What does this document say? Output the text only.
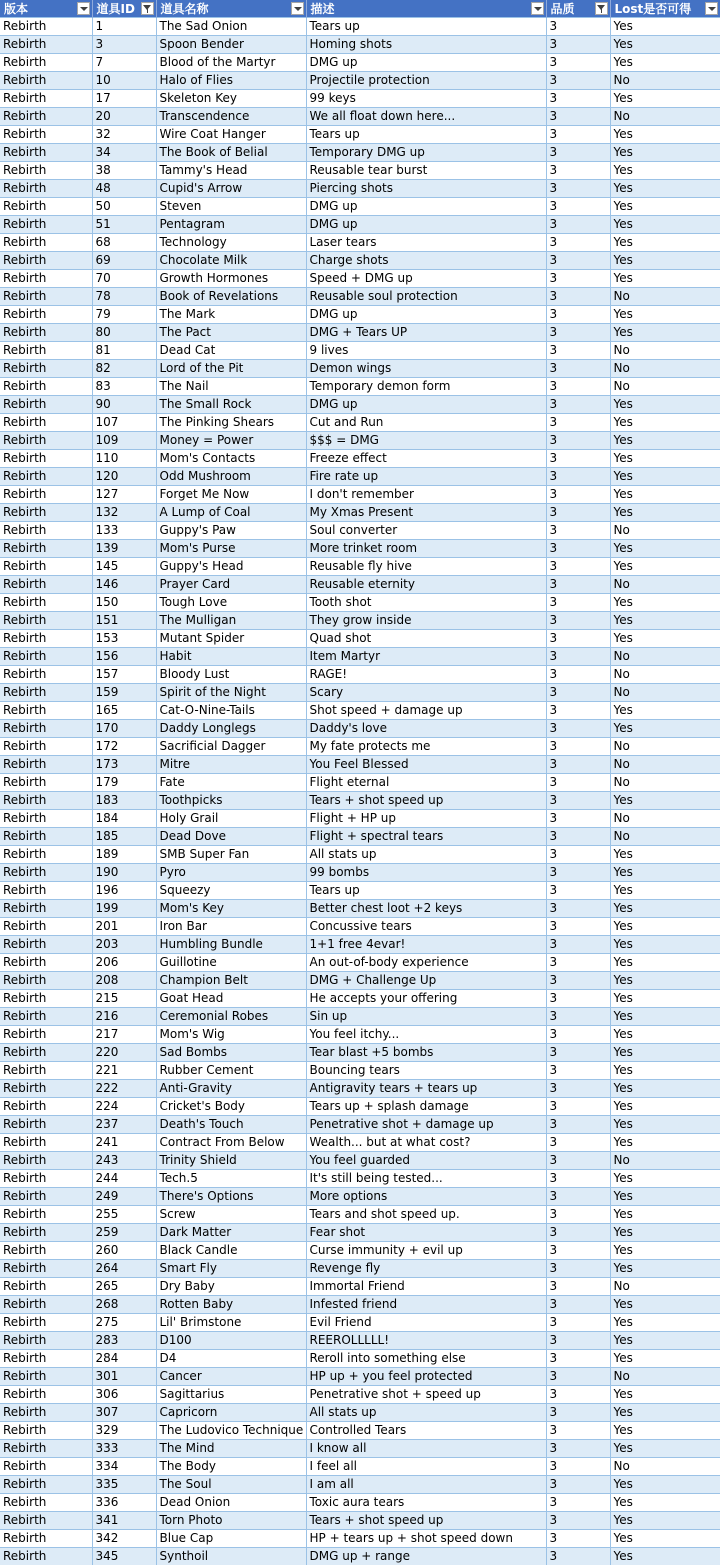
版本	道具ID	道具名称	描述	品质	Lost是否可得

Rebirth	1	The Sad Onion	Tears up	3	Yes
Rebirth	3	Spoon Bender	Homing shots	3	Yes
Rebirth	7	Blood of the Martyr	DMG up	3	Yes
Rebirth	10	Halo of Flies	Projectile protection	3	No
Rebirth	17	Skeleton Key	99 keys	3	Yes
Rebirth	20	Transcendence	We all float down here...	3	No
Rebirth	32	Wire Coat Hanger	Tears up	3	Yes
Rebirth	34	The Book of Belial	Temporary DMG up	3	Yes
Rebirth	38	Tammy's Head	Reusable tear burst	3	Yes
Rebirth	48	Cupid's Arrow	Piercing shots	3	Yes
Rebirth	50	Steven	DMG up	3	Yes
Rebirth	51	Pentagram	DMG up	3	Yes
Rebirth	68	Technology	Laser tears	3	Yes
Rebirth	69	Chocolate Milk	Charge shots	3	Yes
Rebirth	70	Growth Hormones	Speed + DMG up	3	Yes
Rebirth	78	Book of Revelations	Reusable soul protection	3	No
Rebirth	79	The Mark	DMG up	3	Yes
Rebirth	80	The Pact	DMG + Tears UP	3	Yes
Rebirth	81	Dead Cat	9 lives	3	No
Rebirth	82	Lord of the Pit	Demon wings	3	No
Rebirth	83	The Nail	Temporary demon form	3	No
Rebirth	90	The Small Rock	DMG up	3	Yes
Rebirth	107	The Pinking Shears	Cut and Run	3	Yes
Rebirth	109	Money = Power	$$$ = DMG	3	Yes
Rebirth	110	Mom's Contacts	Freeze effect	3	Yes
Rebirth	120	Odd Mushroom	Fire rate up	3	Yes
Rebirth	127	Forget Me Now	I don't remember	3	Yes
Rebirth	132	A Lump of Coal	My Xmas Present	3	Yes
Rebirth	133	Guppy's Paw	Soul converter	3	No
Rebirth	139	Mom's Purse	More trinket room	3	Yes
Rebirth	145	Guppy's Head	Reusable fly hive	3	Yes
Rebirth	146	Prayer Card	Reusable eternity	3	No
Rebirth	150	Tough Love	Tooth shot	3	Yes
Rebirth	151	The Mulligan	They grow inside	3	Yes
Rebirth	153	Mutant Spider	Quad shot	3	Yes
Rebirth	156	Habit	Item Martyr	3	No
Rebirth	157	Bloody Lust	RAGE!	3	No
Rebirth	159	Spirit of the Night	Scary	3	No
Rebirth	165	Cat-O-Nine-Tails	Shot speed + damage up	3	Yes
Rebirth	170	Daddy Longlegs	Daddy's love	3	Yes
Rebirth	172	Sacrificial Dagger	My fate protects me	3	No
Rebirth	173	Mitre	You Feel Blessed	3	No
Rebirth	179	Fate	Flight eternal	3	No
Rebirth	183	Toothpicks	Tears + shot speed up	3	Yes
Rebirth	184	Holy Grail	Flight + HP up	3	No
Rebirth	185	Dead Dove	Flight + spectral tears	3	No
Rebirth	189	SMB Super Fan	All stats up	3	Yes
Rebirth	190	Pyro	99 bombs	3	Yes
Rebirth	196	Squeezy	Tears up	3	Yes
Rebirth	199	Mom's Key	Better chest loot +2 keys	3	Yes
Rebirth	201	Iron Bar	Concussive tears	3	Yes
Rebirth	203	Humbling Bundle	1+1 free 4evar!	3	Yes
Rebirth	206	Guillotine	An out-of-body experience	3	Yes
Rebirth	208	Champion Belt	DMG + Challenge Up	3	Yes
Rebirth	215	Goat Head	He accepts your offering	3	Yes
Rebirth	216	Ceremonial Robes	Sin up	3	Yes
Rebirth	217	Mom's Wig	You feel itchy...	3	Yes
Rebirth	220	Sad Bombs	Tear blast +5 bombs	3	Yes
Rebirth	221	Rubber Cement	Bouncing tears	3	Yes
Rebirth	222	Anti-Gravity	Antigravity tears + tears up	3	Yes
Rebirth	224	Cricket's Body	Tears up + splash damage	3	Yes
Rebirth	237	Death's Touch	Penetrative shot + damage up	3	Yes
Rebirth	241	Contract From Below	Wealth... but at what cost?	3	Yes
Rebirth	243	Trinity Shield	You feel guarded	3	No
Rebirth	244	Tech.5	It's still being tested...	3	Yes
Rebirth	249	There's Options	More options	3	Yes
Rebirth	255	Screw	Tears and shot speed up.	3	Yes
Rebirth	259	Dark Matter	Fear shot	3	Yes
Rebirth	260	Black Candle	Curse immunity + evil up	3	Yes
Rebirth	264	Smart Fly	Revenge fly	3	Yes
Rebirth	265	Dry Baby	Immortal Friend	3	No
Rebirth	268	Rotten Baby	Infested friend	3	Yes
Rebirth	275	Lil' Brimstone	Evil Friend	3	Yes
Rebirth	283	D100	REEROLLLLL!	3	Yes
Rebirth	284	D4	Reroll into something else	3	Yes
Rebirth	301	Cancer	HP up + you feel protected	3	No
Rebirth	306	Sagittarius	Penetrative shot + speed up	3	Yes
Rebirth	307	Capricorn	All stats up	3	Yes
Rebirth	329	The Ludovico Technique	Controlled Tears	3	Yes
Rebirth	333	The Mind	I know all	3	Yes
Rebirth	334	The Body	I feel all	3	No
Rebirth	335	The Soul	I am all	3	Yes
Rebirth	336	Dead Onion	Toxic aura tears	3	Yes
Rebirth	341	Torn Photo	Tears + shot speed up	3	Yes
Rebirth	342	Blue Cap	HP + tears up + shot speed down	3	Yes
Rebirth	345	Synthoil	DMG up + range	3	Yes
